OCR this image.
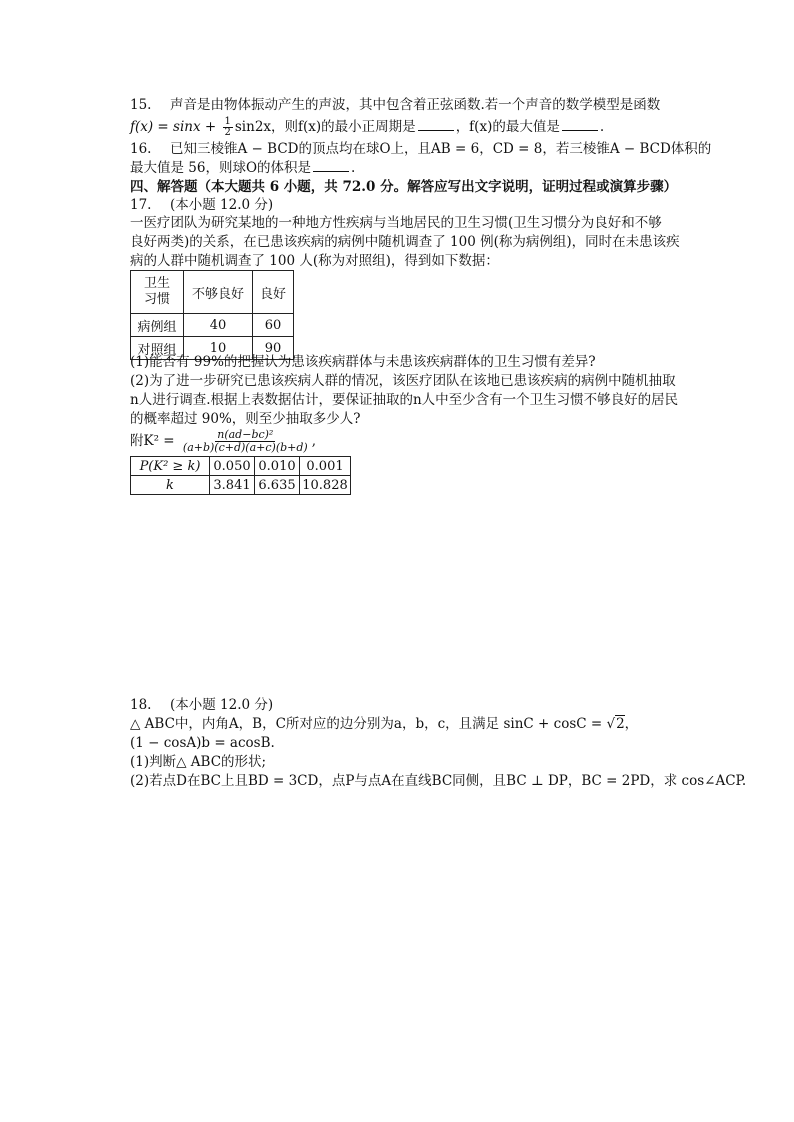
15. 声音是由物体振动产生的声波，其中包含着正弦函数.若一个声音的数学模型是函数
$f(x) = \sin x + \frac{1}{2} \sin 2x$，则f(x)的最小正周期是	，f(x)的最大值是	.
16. 已知三棱锥A − BCD的顶点均在球O上，且AB = 6，CD = 8，若三棱锥A − BCD体积的
最大值是 56，则球O的体积是	.
四、解答题（本大题共 6 小题，共 72.0 分。解答应写出文字说明，证明过程或演算步骤）
17. (本小题 12.0 分)
一医疗团队为研究某地的一种地方性疾病与当地居民的卫生习惯(卫生习惯分为良好和不够
良好两类)的关系，在已患该疾病的病例中随机调查了 100 例(称为病例组)，同时在未患该疾
病的人群中随机调查了 100 人(称为对照组)，得到如下数据：
卫生
习惯	不够良好	良好
病例组	40	60
对照组	10	90
(1)能否有 99%的把握认为患该疾病群体与未患该疾病群体的卫生习惯有差异?
(2)为了进一步研究已患该疾病人群的情况，该医疗团队在该地已患该疾病的病例中随机抽取
n人进行调查.根据上表数据估计，要保证抽取的n人中至少含有一个卫生习惯不够良好的居民
的概率超过 90%，则至少抽取多少人?
附$K^2 = \frac{\text{n(ad−bc)²}}{(a+b)(c+d)(a+c)(b+d)}$ ,
P(K² ≥ k)	0.050	0.010	0.001
k	3.841	6.635	10.828
18. (本小题 12.0 分)
△ ABC中，内角A，B，C所对应的边分别为a，b，c，且满足 sinC + cosC = √2，
(1 − cosA)b = acosB.
(1)判断△ ABC的形状;
(2)若点D在BC上且BD = 3CD，点P与点A在直线BC同侧，且BC ⊥ DP，BC = 2PD，求 cos∠ACP.
